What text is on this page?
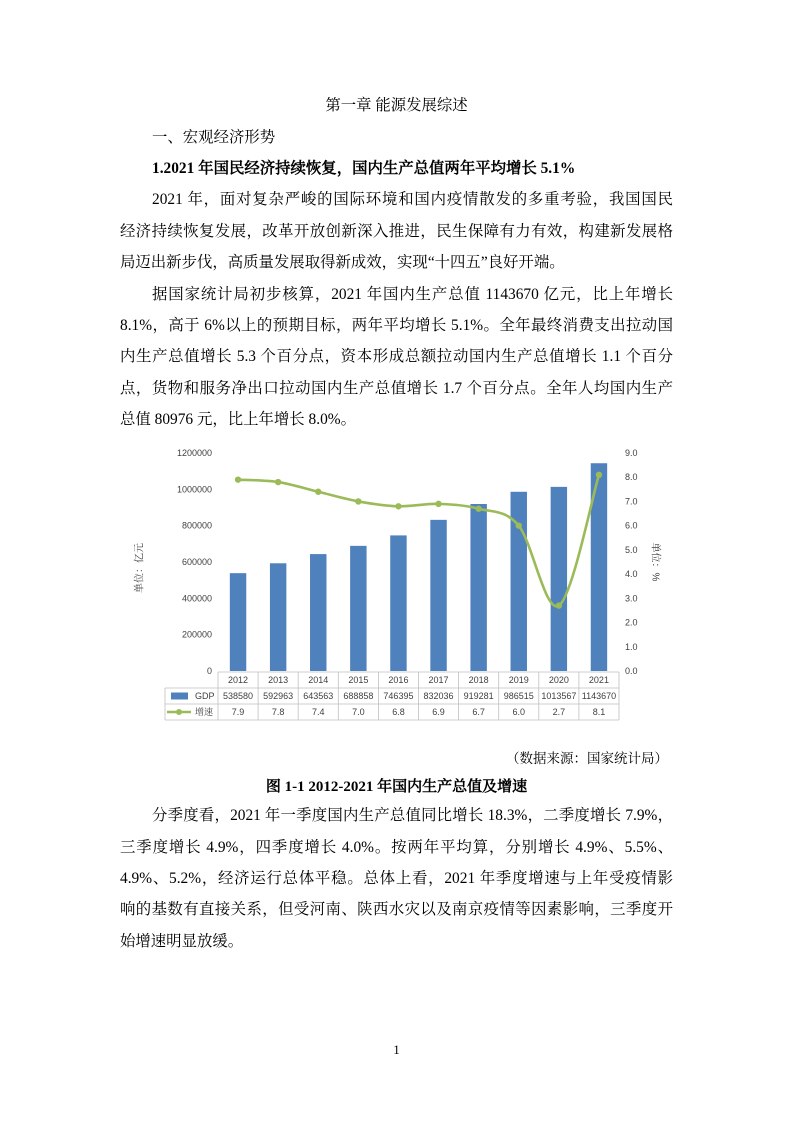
第一章 能源发展综述
一、宏观经济形势
1.2021 年国民经济持续恢复，国内生产总值两年平均增长 5.1%
2021 年，面对复杂严峻的国际环境和国内疫情散发的多重考验，我国国民
经济持续恢复发展，改革开放创新深入推进，民生保障有力有效，构建新发展格
局迈出新步伐，高质量发展取得新成效，实现“十四五”良好开端。
据国家统计局初步核算，2021 年国内生产总值 1143670 亿元，比上年增长
8.1%，高于 6%以上的预期目标，两年平均增长 5.1%。全年最终消费支出拉动国
内生产总值增长 5.3 个百分点，资本形成总额拉动国内生产总值增长 1.1 个百分
点，货物和服务净出口拉动国内生产总值增长 1.7 个百分点。全年人均国内生产
总值 80976 元，比上年增长 8.0%。
0
200000
400000
600000
800000
1000000
1200000
0.0
1.0
2.0
3.0
4.0
5.0
6.0
7.0
8.0
9.0
2012 2013 2014 2015 2016 2017 2018 2019 2020 2021
538580 592963 643563 688858 746395 832036 919281 986515 1013567 1143670
7.9	7.8	7.4	7.0	6.8	6.9	6.7	6.0	2.7	8.1
单位：亿元	单位：%
GDP
增速
（数据来源：国家统计局）
图 1-1 2012-2021 年国内生产总值及增速
分季度看，2021 年一季度国内生产总值同比增长 18.3%，二季度增长 7.9%，
三季度增长 4.9%，四季度增长 4.0%。按两年平均算，分别增长 4.9%、5.5%、
4.9%、5.2%，经济运行总体平稳。总体上看，2021 年季度增速与上年受疫情影
响的基数有直接关系，但受河南、陕西水灾以及南京疫情等因素影响，三季度开
始增速明显放缓。
1
